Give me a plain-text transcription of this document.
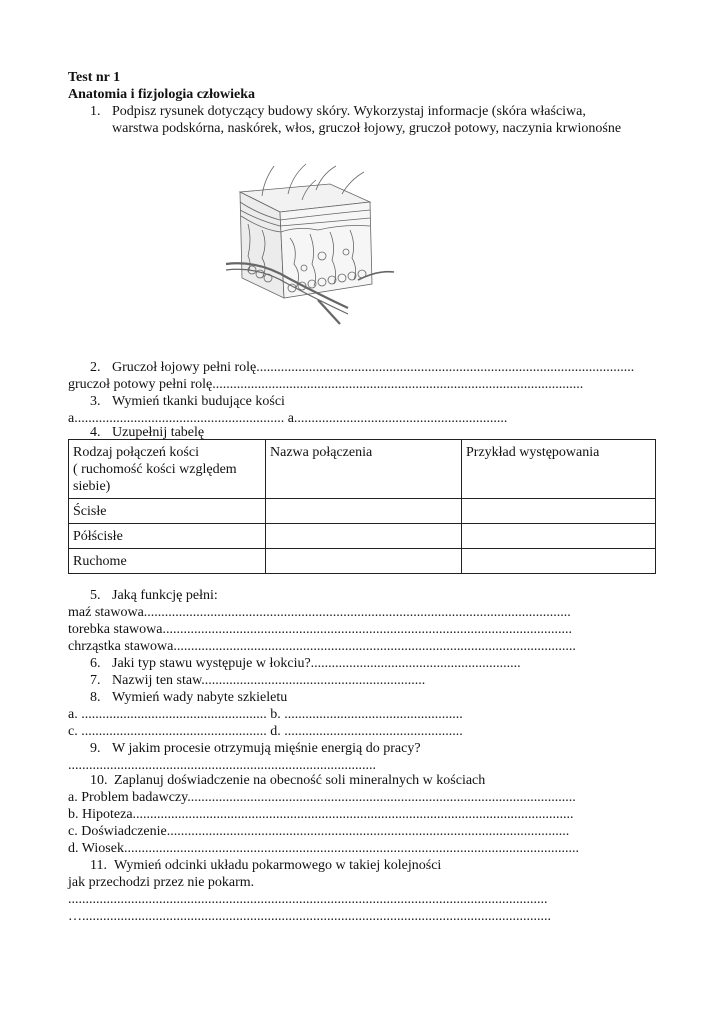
Test nr 1
Anatomia i fizjologia człowieka
1. Podpisz rysunek dotyczący budowy skóry. Wykorzystaj informacje (skóra właściwa,
warstwa podskórna, naskórek, włos, gruczoł łojowy, gruczoł potowy, naczynia krwionośne
2. Gruczoł łojowy pełni rolę............................................................................................................
gruczoł potowy pełni rolę..........................................................................................................
3. Wymień tkanki budujące kości
a............................................................ a.............................................................
4. Uzupełnij tabelę
Rodzaj połączeń kości
( ruchomość kości względem
siebie)	Nazwa połączenia	Przykład występowania
Ścisłe		
Półścisłe		
Ruchome		
5. Jaką funkcję pełni:
maź stawowa..........................................................................................................................
torebka stawowa.....................................................................................................................
chrząstka stawowa...................................................................................................................
6. Jaki typ stawu występuje w łokciu?............................................................
7. Nazwij ten staw................................................................
8. Wymień wady nabyte szkieletu
a. ..................................................... b. ...................................................
c. ..................................................... d. ...................................................
9. W jakim procesie otrzymują mięśnie energią do pracy?
........................................................................................
10. Zaplanuj doświadczenie na obecność soli mineralnych w kościach
a. Problem badawczy...............................................................................................................
b. Hipoteza..............................................................................................................................
c. Doświadczenie...................................................................................................................
d. Wiosek..................................................................................................................................
11. Wymień odcinki układu pokarmowego w takiej kolejności
jak przechodzi przez nie pokarm.
.........................................................................................................................................
…......................................................................................................................................
